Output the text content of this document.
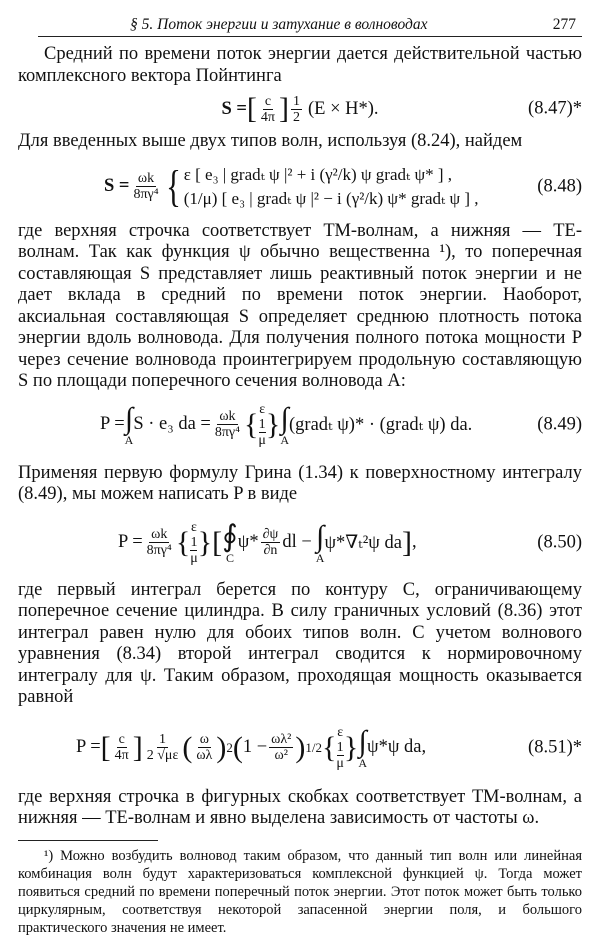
§ 5. Поток энергии и затухание в волноводах	277

Средний по времени поток энергии дается действительной частью комплексного вектора Пойнтинга

S = [ $\frac{c}{4\pi}$ ] $\frac{1}{2} (E \times H*)$.	(8.47)*

Для введенных выше двух типов волн, используя (8.24), найдем

$S = \frac{\omega k}{\text{8πγ⁴}}$ { ε [ e₃ | gradₜ ψ |² + i (γ²/k) ψ gradₜ ψ* ] ,
(1/μ) [ e₃ | gradₜ ψ |² − i (γ²/k) ψ* gradₜ ψ ] ,
(8.48)

где верхняя строчка соответствует ТМ-волнам, а нижняя — ТЕ-волнам. Так как функция ψ обычно вещественна ¹), то поперечная составляющая S представляет лишь реактивный поток энергии и не дает вклада в средний по времени поток энергии. Наоборот, аксиальная составляющая S определяет среднюю плотность потока энергии вдоль волновода. Для получения полного потока мощности P через сечение волновода проинтегрируем продольную составляющую S по площади поперечного сечения волновода A:

P = ∫
A
S · e₃ da = $\frac{\omega k}{\text{8πγ⁴}}$ { ε
1
μ } ∫
A
(gradₜ ψ)* · (gradₜ ψ) da.	(8.49)

Применяя первую формулу Грина (1.34) к поверхностному интегралу (8.49), мы можем написать P в виде

$P = \frac{\omega k}{\text{8πγ⁴}}$ { ε
1
μ } [ ∮
C
$\psi* \frac{\partial\psi}{\partial n}$ dl − ∫
A
ψ*∇ₜ²ψ da ] ,	(8.50)

где первый интеграл берется по контуру C, ограничивающему поперечное сечение цилиндра. В силу граничных условий (8.36) этот интеграл равен нулю для обоих типов волн. С учетом волнового уравнения (8.34) второй интеграл сводится к нормировочному интегралу для ψ. Таким образом, проходящая мощность оказывается равной

P = [ $\frac{c}{4\pi}$ ] $\frac{1}{2 √\mu\varepsilon}$ ( $\frac{\omega}{\omega\lambda}$ ) 2 ( $1 - \frac{\text{ωλ²}}{\text{ω²}}$ ) 1/2 { ε
1
μ } ∫
A
ψ*ψ da,	(8.51)*

где верхняя строчка в фигурных скобках соответствует ТМ-волнам, а нижняя — ТЕ-волнам и явно выделена зависимость от частоты ω.

¹) Можно возбудить волновод таким образом, что данный тип волн или линейная комбинация волн будут характеризоваться комплексной функцией ψ. Тогда может появиться средний по времени поперечный поток энергии. Этот поток может быть только циркулярным, соответствуя некоторой запасенной энергии поля, и большого практического значения не имеет.
